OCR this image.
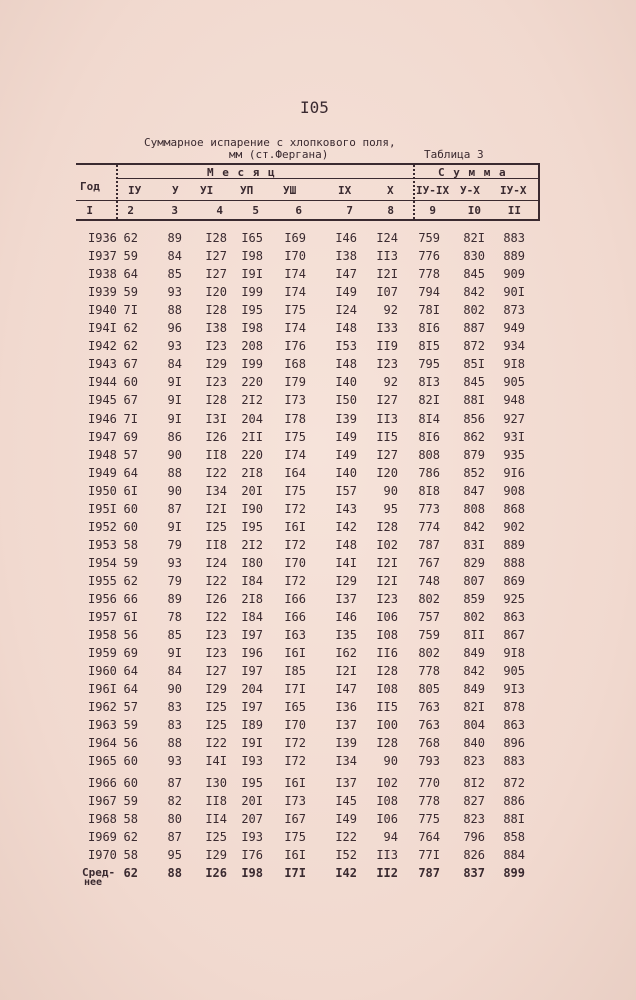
I05
Суммарное испарение с хлопкового поля,
мм (ст.Фергана)	Таблица 3
Год
М е с я ц	С у м м а
IУ	У УI УП	УШ	IX	X IУ-IX У-X IУ-X
I	2	3	4	5	6	7	8	9	I0 II
I936 62 89 I28 I65 I69 I46 I24 759 82I 883
I937 59 84 I27 I98 I70 I38 II3 776 830 889
I938 64 85 I27 I9I I74 I47 I2I 778 845 909
I939 59 93 I20 I99 I74 I49 I07 794 842 90I
I940 7I 88 I28 I95 I75 I24 92 78I 802 873
I94I 62 96 I38 I98 I74 I48 I33 8I6 887 949
I942 62 93 I23 208 I76 I53 II9 8I5 872 934
I943 67 84 I29 I99 I68 I48 I23 795 85I 9I8
I944 60 9I I23 220 I79 I40 92 8I3 845 905
I945 67 9I I28 2I2 I73 I50 I27 82I 88I 948
I946 7I 9I I3I 204 I78 I39 II3 8I4 856 927
I947 69 86 I26 2II I75 I49 II5 8I6 862 93I
I948 57 90 II8 220 I74 I49 I27 808 879 935
I949 64 88 I22 2I8 I64 I40 I20 786 852 9I6
I950 6I 90 I34 20I I75 I57 90 8I8 847 908
I95I 60 87 I2I I90 I72 I43 95 773 808 868
I952 60 9I I25 I95 I6I I42 I28 774 842 902
I953 58 79 II8 2I2 I72 I48 I02 787 83I 889
I954 59 93 I24 I80 I70 I4I I2I 767 829 888
I955 62 79 I22 I84 I72 I29 I2I 748 807 869
I956 66 89 I26 2I8 I66 I37 I23 802 859 925
I957 6I 78 I22 I84 I66 I46 I06 757 802 863
I958 56 85 I23 I97 I63 I35 I08 759 8II 867
I959 69 9I I23 I96 I6I I62 II6 802 849 9I8
I960 64 84 I27 I97 I85 I2I I28 778 842 905
I96I 64 90 I29 204 I7I I47 I08 805 849 9I3
I962 57 83 I25 I97 I65 I36 II5 763 82I 878
I963 59 83 I25 I89 I70 I37 I00 763 804 863
I964 56 88 I22 I9I I72 I39 I28 768 840 896
I965 60 93 I4I I93 I72 I34 90 793 823 883
I966 60 87 I30 I95 I6I I37 I02 770 8I2 872
I967 59 82 II8 20I I73 I45 I08 778 827 886
I968 58 80 II4 207 I67 I49 I06 775 823 88I
I969 62 87 I25 I93 I75 I22 94 764 796 858
I970 58 95 I29 I76 I6I I52 II3 77I 826 884
Сред-
нее
62 88 I26 I98 I7I I42 II2 787 837 899
